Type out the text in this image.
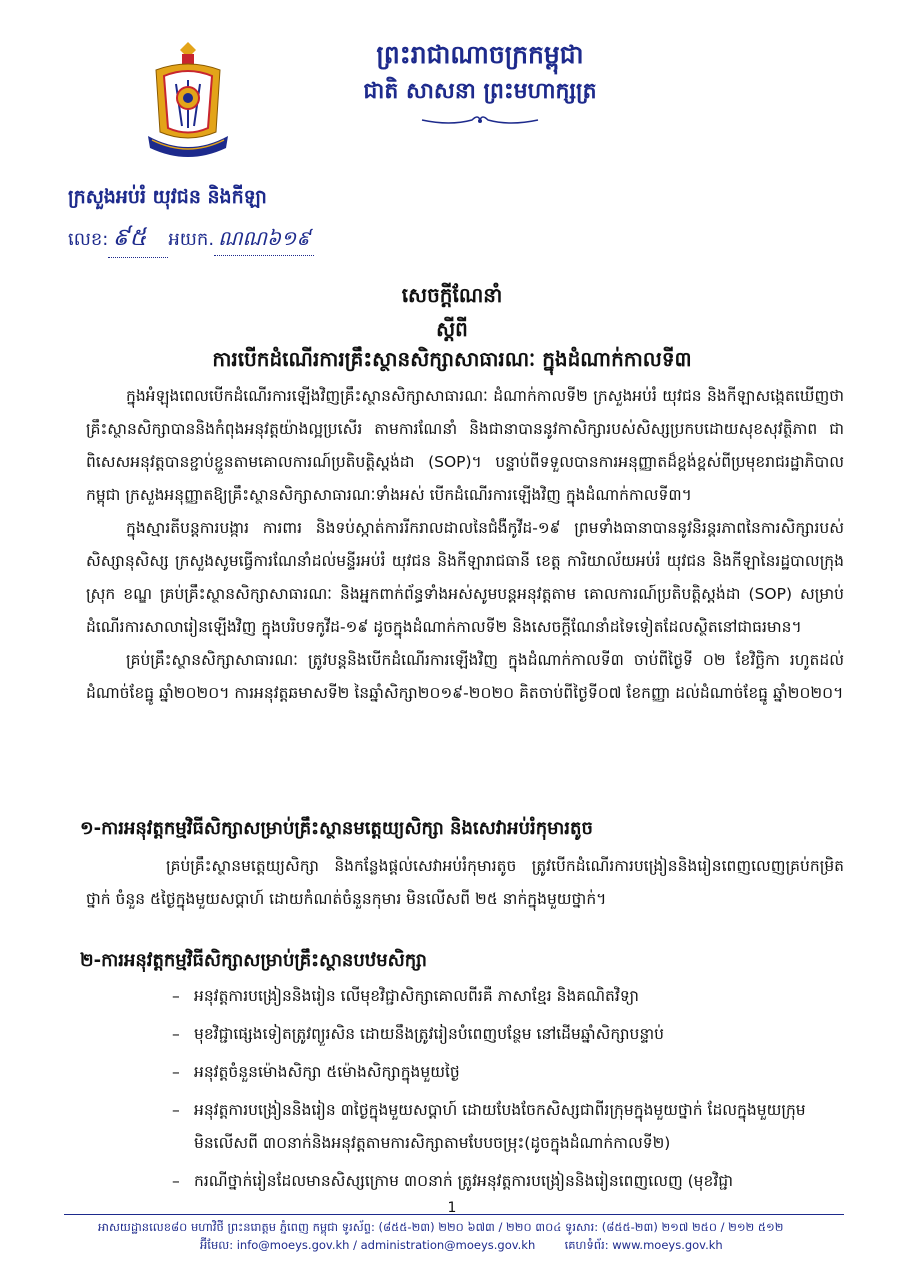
ព្រះរាជាណាចក្រកម្ពុជា
ជាតិ សាសនា ព្រះមហាក្សត្រ
ក្រសួងអប់រំ យុវជន និងកីឡា
លេខ: ៩៥	អយក. ណណ៦១៩
សេចក្តីណែនាំ
ស្តីពី
ការបើកដំណើរការគ្រឹះស្ថានសិក្សាសាធារណៈ ក្នុងដំណាក់កាលទី៣

ក្នុងអំឡុងពេលបើកដំណើរការឡើងវិញគ្រឹះស្ថានសិក្សាសាធារណៈ ដំណាក់កាលទី២ ក្រសួងអប់រំ យុវជន និងកីឡាសង្កេតឃើញថា គ្រឹះស្ថានសិក្សាបាននិងកំពុងអនុវត្តយ៉ាងល្អប្រសើរ តាមការណែនាំ និងជានាបាននូវកាសិក្សារបស់សិស្សប្រកបដោយសុខសុវត្ថិភាព ជាពិសេសអនុវត្តបានខ្ជាប់ខ្ជួនតាមគោលការណ៍ប្រតិបត្តិស្តង់ដា (SOP)។ បន្ទាប់ពីទទួលបានការអនុញ្ញាតដ៏ខ្ពង់ខ្ពស់ពីប្រមុខរាជរដ្ឋាភិបាលកម្ពុជា ក្រសួងអនុញ្ញាតឱ្យគ្រឹះស្ថានសិក្សាសាធារណៈទាំងអស់ បើកដំណើរការឡើងវិញ ក្នុងដំណាក់កាលទី៣។

ក្នុងស្មារតីបន្តការបង្ការ ការពារ និងទប់ស្កាត់ការរីករាលដាលនៃជំងឺកូវីដ-១៩ ព្រមទាំងធានាបាននូវនិរន្តរភាពនៃការសិក្សារបស់សិស្សានុសិស្ស ក្រសួងសូមធ្វើការណែនាំដល់មន្ទីរអប់រំ យុវជន និងកីឡារាជធានី ខេត្ត ការិយាល័យអប់រំ យុវជន និងកីឡានៃរដ្ឋបាលក្រុង ស្រុក ខណ្ឌ គ្រប់គ្រឹះស្ថានសិក្សាសាធារណៈ និងអ្នកពាក់ព័ន្ធទាំងអស់សូមបន្តអនុវត្តតាម គោលការណ៍ប្រតិបត្តិស្តង់ដា (SOP) សម្រាប់ដំណើរការសាលារៀនឡើងវិញ ក្នុងបរិបទកូវីដ-១៩ ដូចក្នុងដំណាក់កាលទី២ និងសេចក្តីណែនាំដទៃទៀតដែលស្ថិតនៅជាធរមាន។

គ្រប់គ្រឹះស្ថានសិក្សាសាធារណៈ ត្រូវបន្តនិងបើកដំណើរការឡើងវិញ ក្នុងដំណាក់កាលទី៣ ចាប់ពីថ្ងៃទី ០២ ខែវិច្ឆិកា រហូតដល់ដំណាច់ខែធ្នូ ឆ្នាំ២០២០។ ការអនុវត្តឆមាសទី២ នៃឆ្នាំសិក្សា២០១៩-២០២០ គិតចាប់ពីថ្ងៃទី០៧ ខែកញ្ញា ដល់ដំណាច់ខែធ្នូ ឆ្នាំ២០២០។

១-ការអនុវត្តកម្មវិធីសិក្សាសម្រាប់គ្រឹះស្ថានមត្តេយ្យសិក្សា និងសេវាអប់រំកុមារតូច

គ្រប់គ្រឹះស្ថានមត្តេយ្យសិក្សា និងកន្លែងផ្តល់សេវាអប់រំកុមារតូច ត្រូវបើកដំណើរការបង្រៀននិងរៀនពេញលេញគ្រប់កម្រិតថ្នាក់ ចំនួន ៥ថ្ងៃក្នុងមួយសប្តាហ៍ ដោយកំណត់ចំនួនកុមារ មិនលើសពី ២៥ នាក់ក្នុងមួយថ្នាក់។

២-ការអនុវត្តកម្មវិធីសិក្សាសម្រាប់គ្រឹះស្ថានបឋមសិក្សា
– អនុវត្តការបង្រៀននិងរៀន លើមុខវិជ្ជាសិក្សាគោលពីរគឺ ភាសាខ្មែរ និងគណិតវិទ្យា
– មុខវិជ្ជាផ្សេងទៀតត្រូវព្យួរសិន ដោយនឹងត្រូវរៀនបំពេញបន្ថែម នៅដើមឆ្នាំសិក្សាបន្ទាប់
– អនុវត្តចំនួនម៉ោងសិក្សា ៥ម៉ោងសិក្សាក្នុងមួយថ្ងៃ
– អនុវត្តការបង្រៀននិងរៀន ៣ថ្ងៃក្នុងមួយសប្តាហ៍ ដោយបែងចែកសិស្សជាពីរក្រុមក្នុងមួយថ្នាក់ ដែលក្នុងមួយក្រុមមិនលើសពី ៣០នាក់និងអនុវត្តតាមការសិក្សាតាមបែបចម្រុះ(ដូចក្នុងដំណាក់កាលទី២)
– ករណីថ្នាក់រៀនដែលមានសិស្សក្រោម ៣០នាក់ ត្រូវអនុវត្តការបង្រៀននិងរៀនពេញលេញ (មុខវិជ្ជា
1
អាសយដ្ឋានលេខ៨០ មហាវិថី ព្រះនរោត្តម ភ្នំពេញ កម្ពុជា ទូរស័ព្ទ: (៨៥៥-២៣) ២២០ ៦៧៣ / ២២០ ៣០៤ ទូរសារ: (៨៥៥-២៣) ២១៧ ២៥០ / ២១២ ៥១២
អ៊ីមែល: info@moeys.gov.kh / administration@moeys.gov.kh	គេហទំព័រ: www.moeys.gov.kh
